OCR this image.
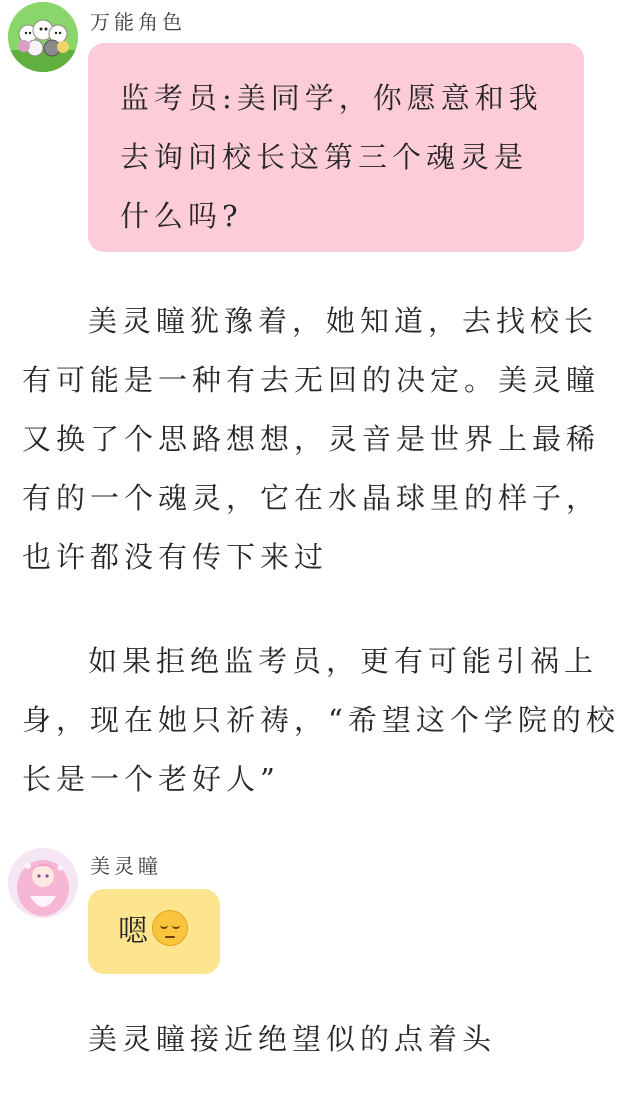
万能角色
监考员:美同学，你愿意和我去询问校长这第三个魂灵是什么吗?

美灵瞳犹豫着，她知道，去找校长有可能是一种有去无回的决定。美灵瞳又换了个思路想想，灵音是世界上最稀有的一个魂灵，它在水晶球里的样子，也许都没有传下来过

如果拒绝监考员，更有可能引祸上身，现在她只祈祷，“希望这个学院的校长是一个老好人”

美灵瞳
嗯

美灵瞳接近绝望似的点着头
